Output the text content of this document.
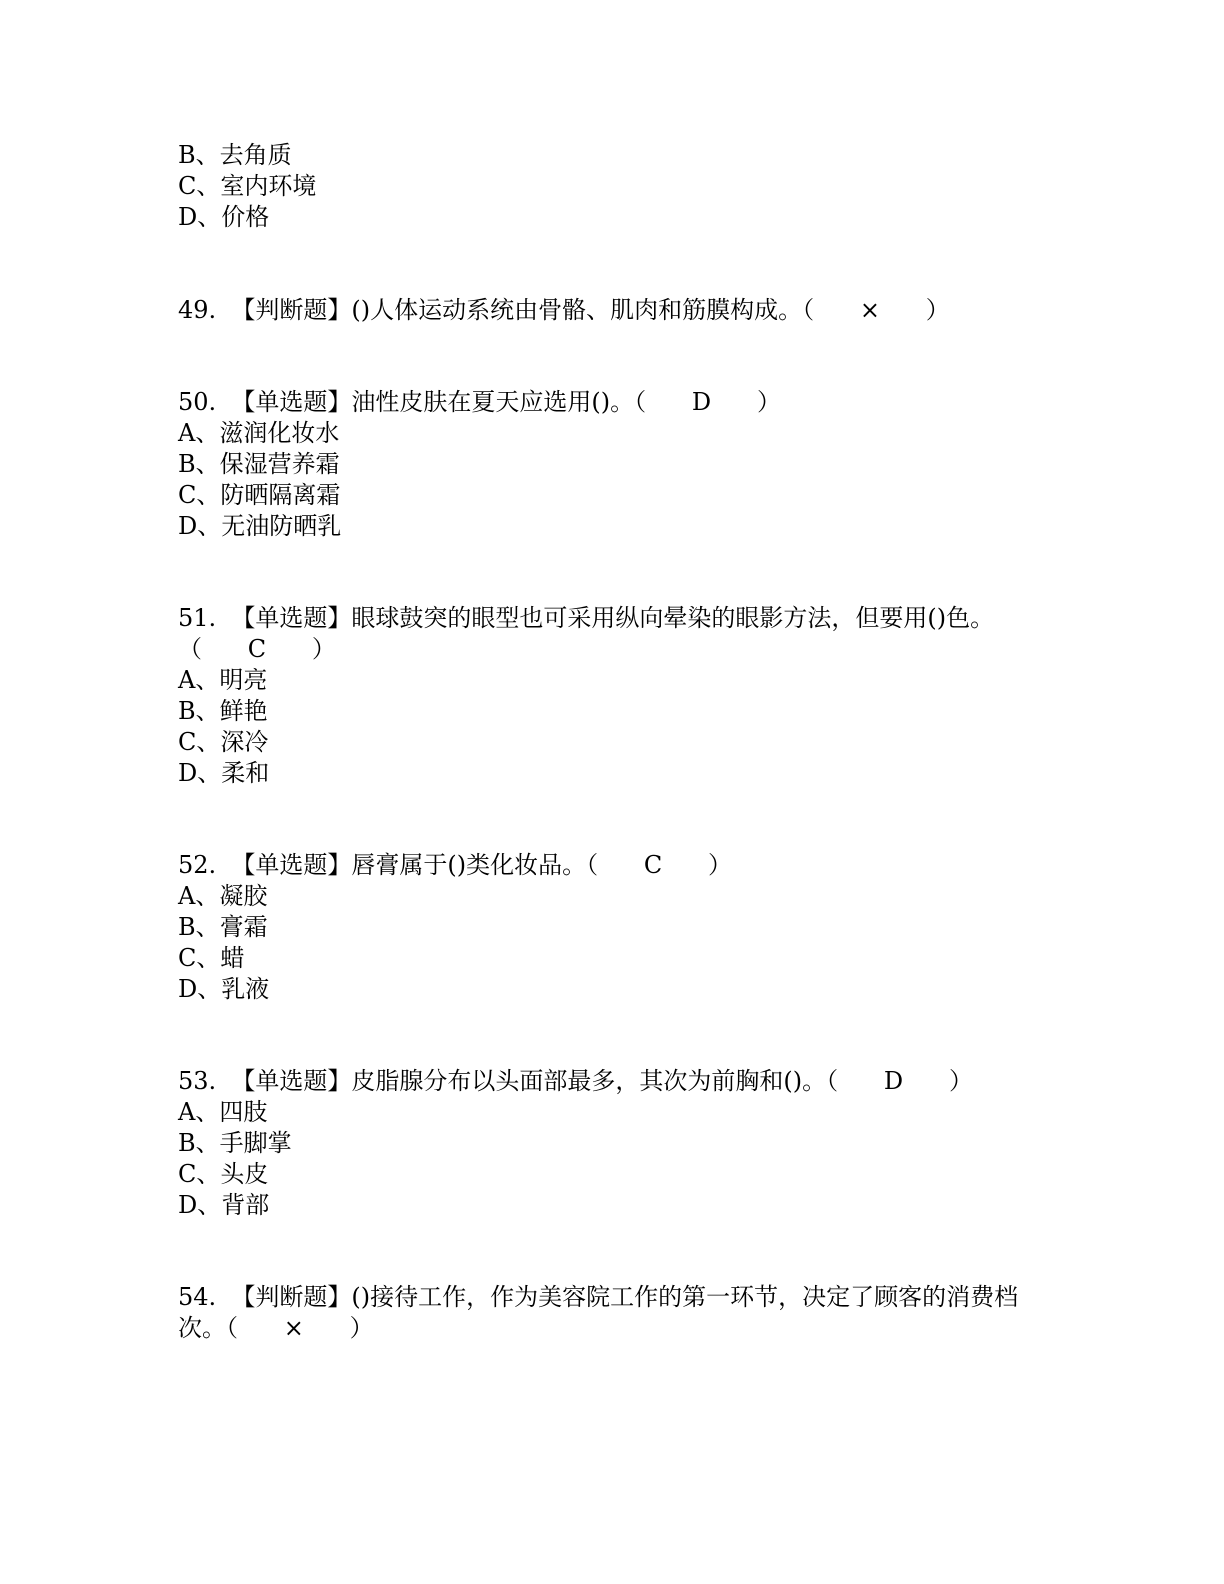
B、去角质
C、室内环境
D、价格
49.  【判断题】()人体运动系统由骨骼、肌肉和筋膜构成。（      ×      ）
50.  【单选题】油性皮肤在夏天应选用()。（      D      ）
A、滋润化妆水
B、保湿营养霜
C、防晒隔离霜
D、无油防晒乳
51.  【单选题】眼球鼓突的眼型也可采用纵向晕染的眼影方法，但要用()色。
（      C      ）
A、明亮
B、鲜艳
C、深冷
D、柔和
52.  【单选题】唇膏属于()类化妆品。（      C      ）
A、凝胶
B、膏霜
C、蜡
D、乳液
53.  【单选题】皮脂腺分布以头面部最多，其次为前胸和()。（      D      ）
A、四肢
B、手脚掌
C、头皮
D、背部
54.  【判断题】()接待工作，作为美容院工作的第一环节，决定了顾客的消费档
次。（      ×      ）
